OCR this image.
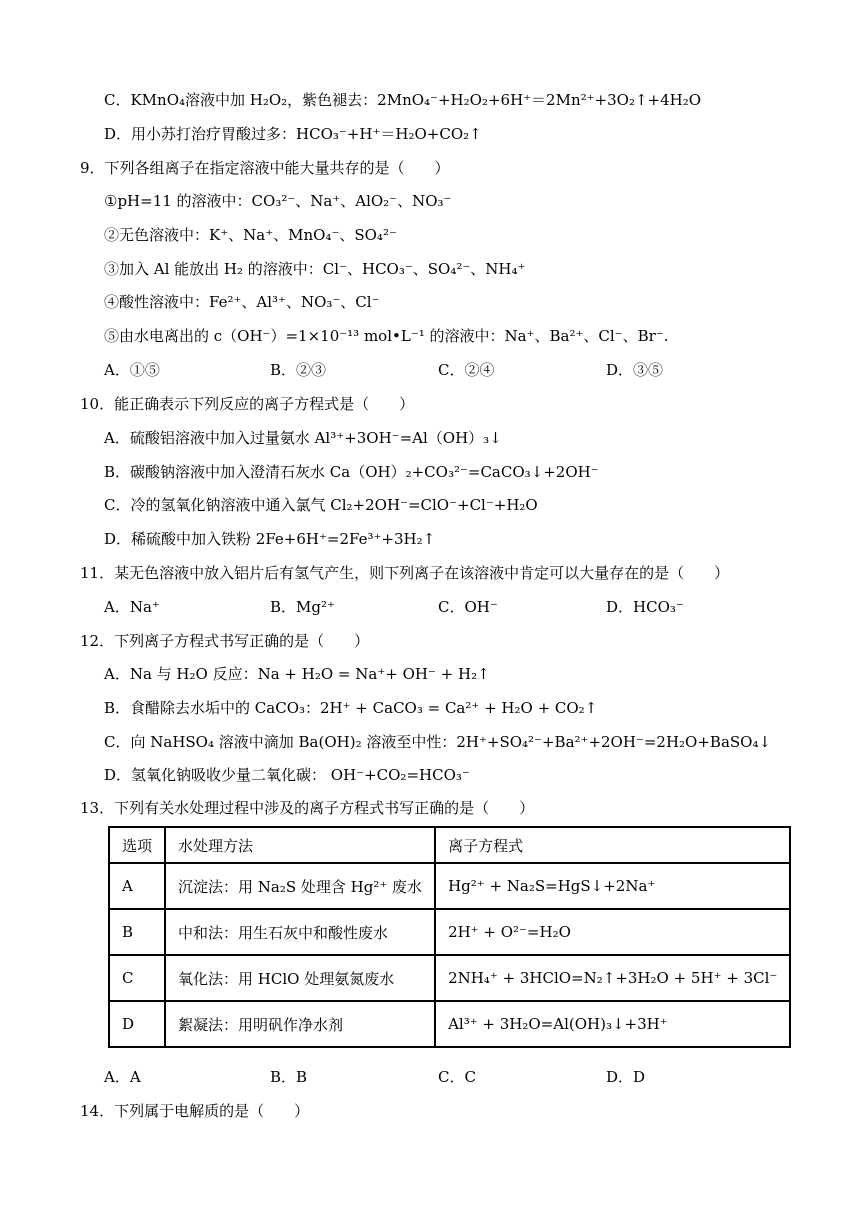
C．KMnO₄溶液中加 H₂O₂，紫色褪去：2MnO₄⁻+H₂O₂+6H⁺＝2Mn²⁺+3O₂↑+4H₂O
D．用小苏打治疗胃酸过多：HCO₃⁻+H⁺＝H₂O+CO₂↑
9．下列各组离子在指定溶液中能大量共存的是（　　）
①pH=11 的溶液中：CO₃²⁻、Na⁺、AlO₂⁻、NO₃⁻
②无色溶液中：K⁺、Na⁺、MnO₄⁻、SO₄²⁻
③加入 Al 能放出 H₂ 的溶液中：Cl⁻、HCO₃⁻、SO₄²⁻、NH₄⁺
④酸性溶液中：Fe²⁺、Al³⁺、NO₃⁻、Cl⁻
⑤由水电离出的 c（OH⁻）=1×10⁻¹³ mol•L⁻¹ 的溶液中：Na⁺、Ba²⁺、Cl⁻、Br⁻.
A．①⑤	B．②③	C．②④	D．③⑤
10．能正确表示下列反应的离子方程式是（　　）
A．硫酸铝溶液中加入过量氨水 Al³⁺+3OH⁻=Al（OH）₃↓
B．碳酸钠溶液中加入澄清石灰水 Ca（OH）₂+CO₃²⁻=CaCO₃↓+2OH⁻
C．冷的氢氧化钠溶液中通入氯气 Cl₂+2OH⁻=ClO⁻+Cl⁻+H₂O
D．稀硫酸中加入铁粉 2Fe+6H⁺=2Fe³⁺+3H₂↑
11．某无色溶液中放入铝片后有氢气产生，则下列离子在该溶液中肯定可以大量存在的是（　　）
A．Na⁺	B．Mg²⁺	C．OH⁻	D．HCO₃⁻
12．下列离子方程式书写正确的是（　　）
A．Na 与 H₂O 反应：Na + H₂O = Na⁺+ OH⁻ + H₂↑
B．食醋除去水垢中的 CaCO₃：2H⁺ + CaCO₃ = Ca²⁺ + H₂O + CO₂↑
C．向 NaHSO₄ 溶液中滴加 Ba(OH)₂ 溶液至中性：2H⁺+SO₄²⁻+Ba²⁺+2OH⁻=2H₂O+BaSO₄↓
D．氢氧化钠吸收少量二氧化碳： OH⁻+CO₂=HCO₃⁻
13．下列有关水处理过程中涉及的离子方程式书写正确的是（　　）
选项	水处理方法	离子方程式
A	沉淀法：用 Na₂S 处理含 Hg²⁺ 废水	Hg²⁺ + Na₂S=HgS↓+2Na⁺
B	中和法：用生石灰中和酸性废水	2H⁺ + O²⁻=H₂O
C	氧化法：用 HClO 处理氨氮废水	2NH₄⁺ + 3HClO=N₂↑+3H₂O + 5H⁺ + 3Cl⁻
D	絮凝法：用明矾作净水剂	Al³⁺ + 3H₂O=Al(OH)₃↓+3H⁺
A．A	B．B	C．C	D．D
14．下列属于电解质的是（　　）
